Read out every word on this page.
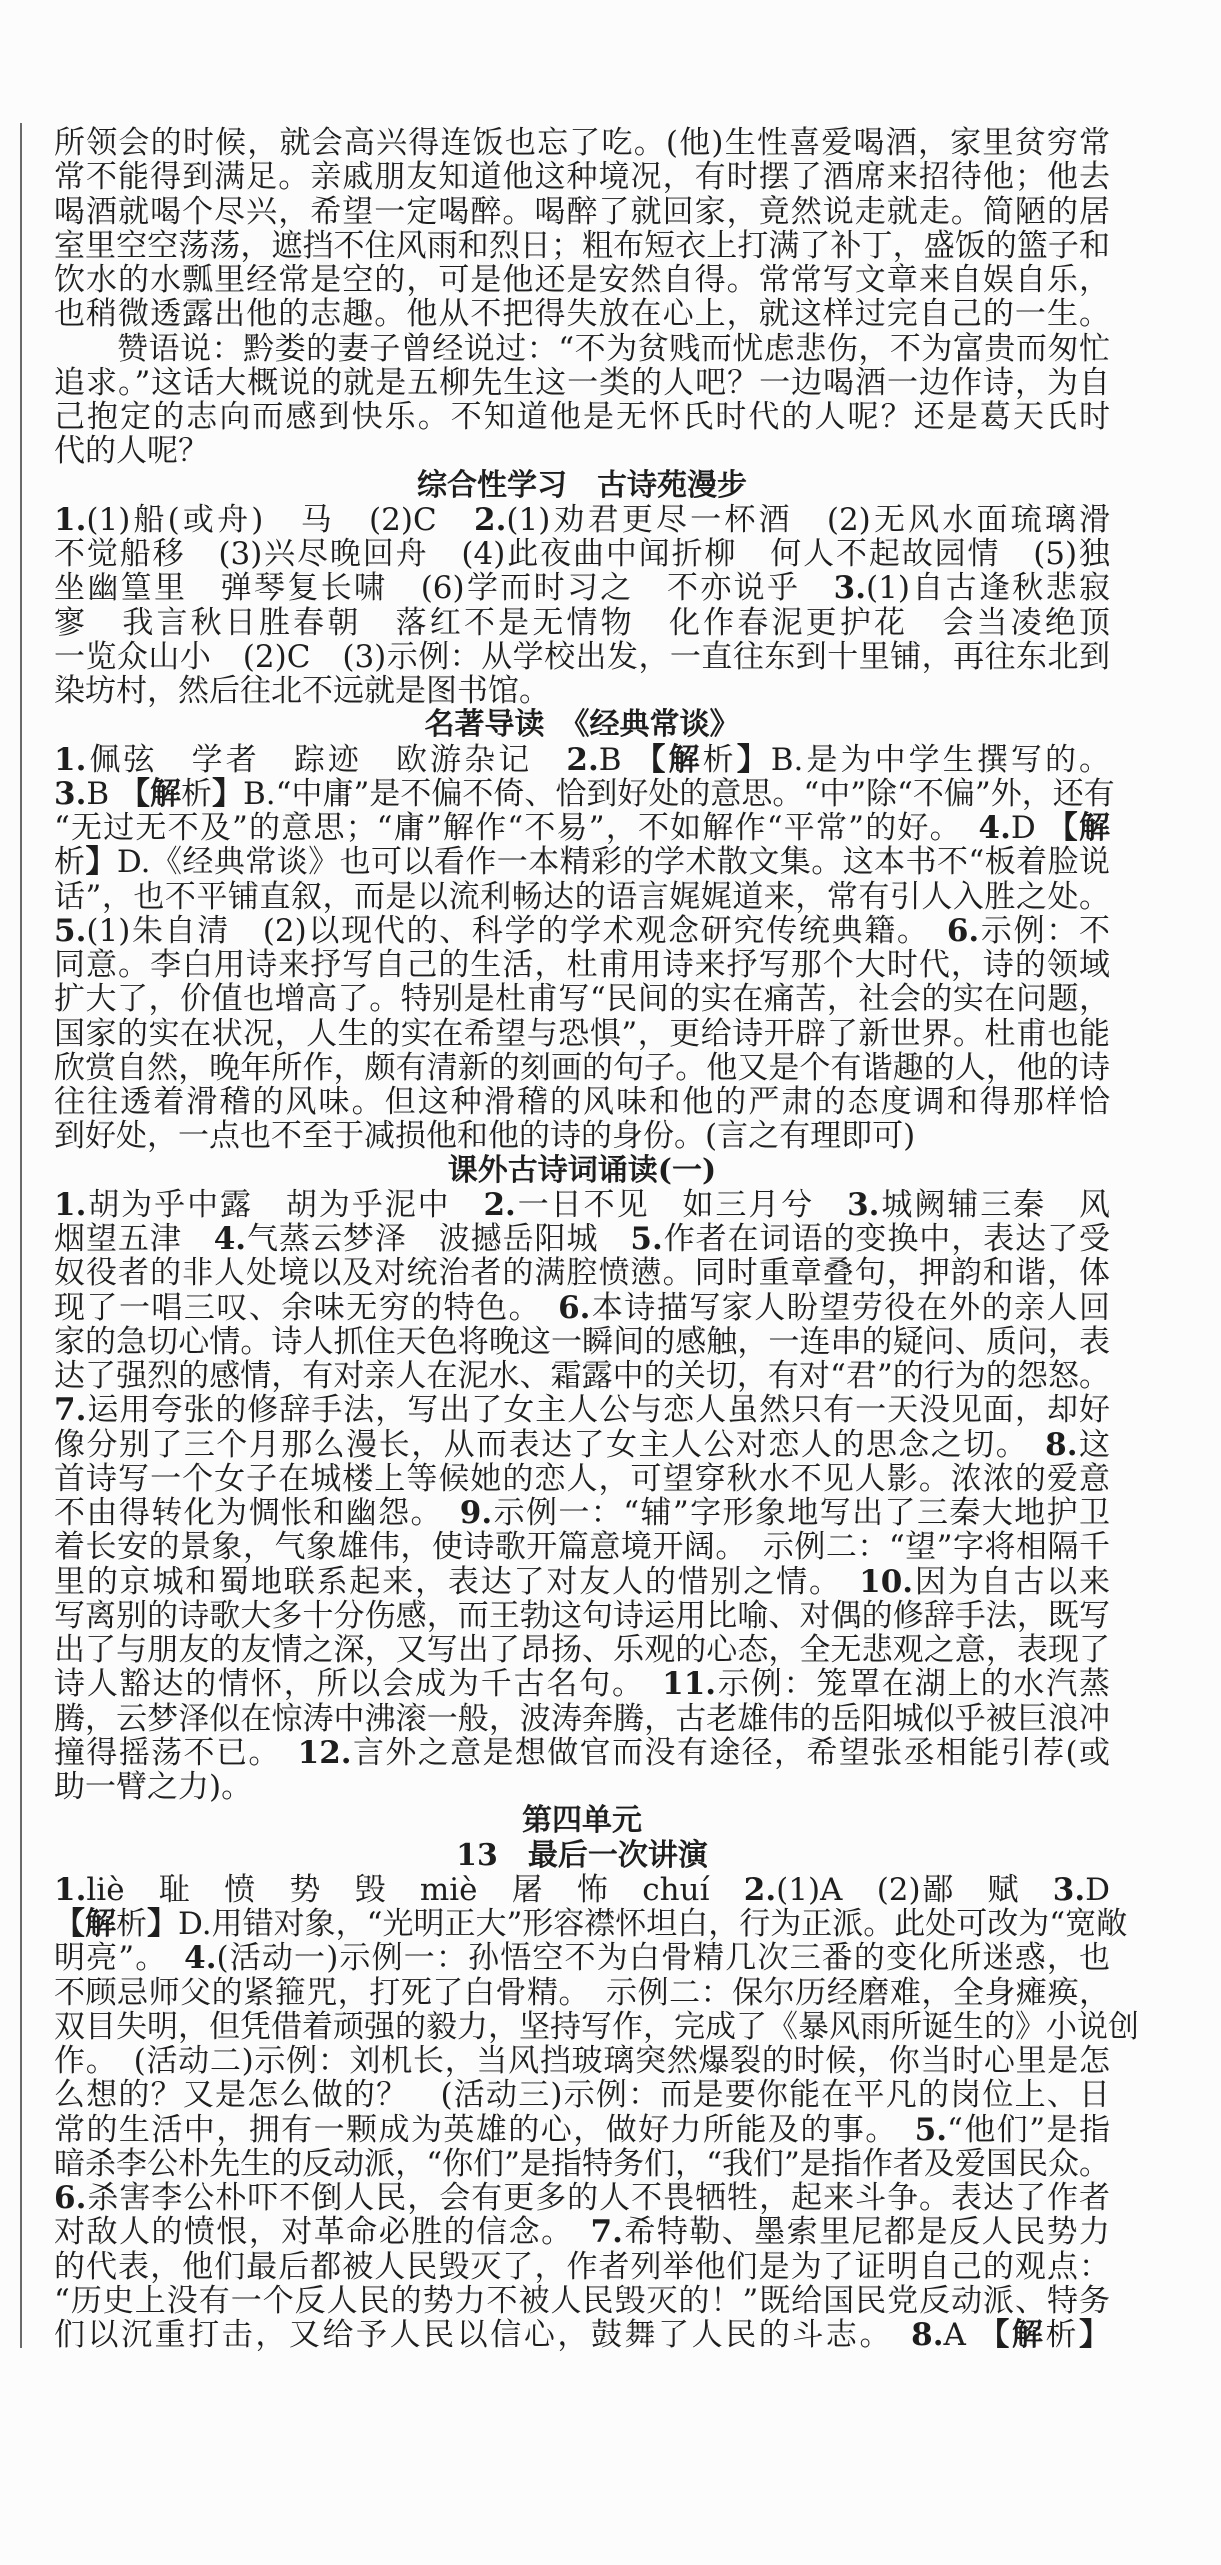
所领会的时候，就会高兴得连饭也忘了吃。(他)生性喜爱喝酒，家里贫穷常
常不能得到满足。亲戚朋友知道他这种境况，有时摆了酒席来招待他；他去
喝酒就喝个尽兴，希望一定喝醉。喝醉了就回家，竟然说走就走。简陋的居
室里空空荡荡，遮挡不住风雨和烈日；粗布短衣上打满了补丁，盛饭的篮子和
饮水的水瓢里经常是空的，可是他还是安然自得。常常写文章来自娱自乐，
也稍微透露出他的志趣。他从不把得失放在心上，就这样过完自己的一生。
　　赞语说：黔娄的妻子曾经说过：“不为贫贱而忧虑悲伤，不为富贵而匆忙
追求。”这话大概说的就是五柳先生这一类的人吧？一边喝酒一边作诗，为自
己抱定的志向而感到快乐。不知道他是无怀氏时代的人呢？还是葛天氏时
代的人呢？
综合性学习　古诗苑漫步
1.(1)船(或舟)　马　(2)C　2.(1)劝君更尽一杯酒　(2)无风水面琉璃滑
不觉船移　(3)兴尽晚回舟　(4)此夜曲中闻折柳　何人不起故园情　(5)独
坐幽篁里　弹琴复长啸　(6)学而时习之　不亦说乎　3.(1)自古逢秋悲寂
寥　我言秋日胜春朝　落红不是无情物　化作春泥更护花　会当凌绝顶
一览众山小　(2)C　(3)示例：从学校出发，一直往东到十里铺，再往东北到
染坊村，然后往北不远就是图书馆。
名著导读　《经典常谈》
1.佩弦　学者　踪迹　欧游杂记　2.B 【解析】B.是为中学生撰写的。
3.B 【解析】B.“中庸”是不偏不倚、恰到好处的意思。“中”除“不偏”外，还有
“无过无不及”的意思；“庸”解作“不易”，不如解作“平常”的好。　4.D 【解
析】D.《经典常谈》也可以看作一本精彩的学术散文集。这本书不“板着脸说
话”，也不平铺直叙，而是以流利畅达的语言娓娓道来，常有引人入胜之处。
5.(1)朱自清　(2)以现代的、科学的学术观念研究传统典籍。　6.示例：不
同意。李白用诗来抒写自己的生活，杜甫用诗来抒写那个大时代，诗的领域
扩大了，价值也增高了。特别是杜甫写“民间的实在痛苦，社会的实在问题，
国家的实在状况，人生的实在希望与恐惧”，更给诗开辟了新世界。杜甫也能
欣赏自然，晚年所作，颇有清新的刻画的句子。他又是个有谐趣的人，他的诗
往往透着滑稽的风味。但这种滑稽的风味和他的严肃的态度调和得那样恰
到好处，一点也不至于减损他和他的诗的身份。(言之有理即可)
课外古诗词诵读(一)
1.胡为乎中露　胡为乎泥中　2.一日不见　如三月兮　3.城阙辅三秦　风
烟望五津　4.气蒸云梦泽　波撼岳阳城　5.作者在词语的变换中，表达了受
奴役者的非人处境以及对统治者的满腔愤懑。同时重章叠句，押韵和谐，体
现了一唱三叹、余味无穷的特色。　6.本诗描写家人盼望劳役在外的亲人回
家的急切心情。诗人抓住天色将晚这一瞬间的感触，一连串的疑问、质问，表
达了强烈的感情，有对亲人在泥水、霜露中的关切，有对“君”的行为的怨怒。
7.运用夸张的修辞手法，写出了女主人公与恋人虽然只有一天没见面，却好
像分别了三个月那么漫长，从而表达了女主人公对恋人的思念之切。　8.这
首诗写一个女子在城楼上等候她的恋人，可望穿秋水不见人影。浓浓的爱意
不由得转化为惆怅和幽怨。　9.示例一：“辅”字形象地写出了三秦大地护卫
着长安的景象，气象雄伟，使诗歌开篇意境开阔。　示例二：“望”字将相隔千
里的京城和蜀地联系起来，表达了对友人的惜别之情。　10.因为自古以来
写离别的诗歌大多十分伤感，而王勃这句诗运用比喻、对偶的修辞手法，既写
出了与朋友的友情之深，又写出了昂扬、乐观的心态，全无悲观之意，表现了
诗人豁达的情怀，所以会成为千古名句。　11.示例：笼罩在湖上的水汽蒸
腾，云梦泽似在惊涛中沸滚一般，波涛奔腾，古老雄伟的岳阳城似乎被巨浪冲
撞得摇荡不已。　12.言外之意是想做官而没有途径，希望张丞相能引荐(或
助一臂之力)。
第四单元
13　最后一次讲演
1.liè　耻　愤　势　毁　miè　屠　怖　chuí　2.(1)A　(2)鄙　赋　3.D
【解析】D.用错对象，“光明正大”形容襟怀坦白，行为正派。此处可改为“宽敞
明亮”。　4.(活动一)示例一：孙悟空不为白骨精几次三番的变化所迷惑，也
不顾忌师父的紧箍咒，打死了白骨精。　示例二：保尔历经磨难，全身瘫痪，
双目失明，但凭借着顽强的毅力，坚持写作，完成了《暴风雨所诞生的》小说创
作。　(活动二)示例：刘机长，当风挡玻璃突然爆裂的时候，你当时心里是怎
么想的？又是怎么做的？　(活动三)示例：而是要你能在平凡的岗位上、日
常的生活中，拥有一颗成为英雄的心，做好力所能及的事。　5.“他们”是指
暗杀李公朴先生的反动派，“你们”是指特务们，“我们”是指作者及爱国民众。
6.杀害李公朴吓不倒人民，会有更多的人不畏牺牲，起来斗争。表达了作者
对敌人的愤恨，对革命必胜的信念。　7.希特勒、墨索里尼都是反人民势力
的代表，他们最后都被人民毁灭了，作者列举他们是为了证明自己的观点：
“历史上没有一个反人民的势力不被人民毁灭的！”既给国民党反动派、特务
们以沉重打击，又给予人民以信心，鼓舞了人民的斗志。　8.A 【解析】
